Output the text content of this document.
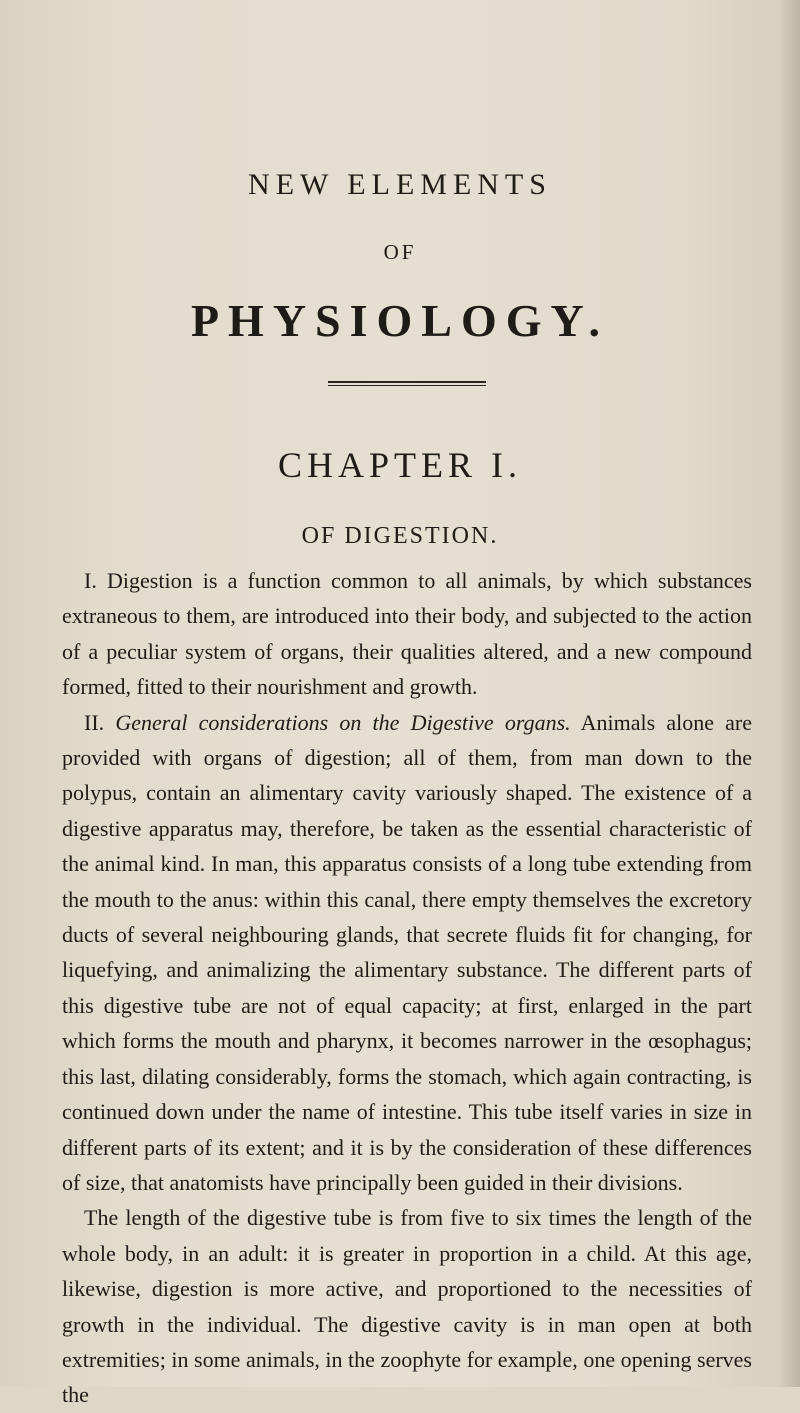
NEW ELEMENTS
OF
PHYSIOLOGY.
CHAPTER I.
OF DIGESTION.

I. Digestion is a function common to all animals, by which substances extraneous to them, are introduced into their body, and subjected to the action of a peculiar system of organs, their qualities altered, and a new compound formed, fitted to their nourishment and growth.

II. General considerations on the Digestive organs. Animals alone are provided with organs of digestion; all of them, from man down to the polypus, contain an alimentary cavity variously shaped. The existence of a digestive apparatus may, therefore, be taken as the essential characteristic of the animal kind. In man, this apparatus consists of a long tube extending from the mouth to the anus: within this canal, there empty themselves the excretory ducts of several neighbouring glands, that secrete fluids fit for changing, for liquefying, and animalizing the alimentary substance. The different parts of this digestive tube are not of equal capacity; at first, enlarged in the part which forms the mouth and pharynx, it becomes narrower in the œsophagus; this last, dilating considerably, forms the stomach, which again contracting, is continued down under the name of intestine. This tube itself varies in size in different parts of its extent; and it is by the consideration of these differences of size, that anatomists have principally been guided in their divisions.

The length of the digestive tube is from five to six times the length of the whole body, in an adult: it is greater in proportion in a child. At this age, likewise, digestion is more active, and proportioned to the necessities of growth in the individual. The digestive cavity is in man open at both extremities; in some animals, in the zoophyte for example, one opening serves the
